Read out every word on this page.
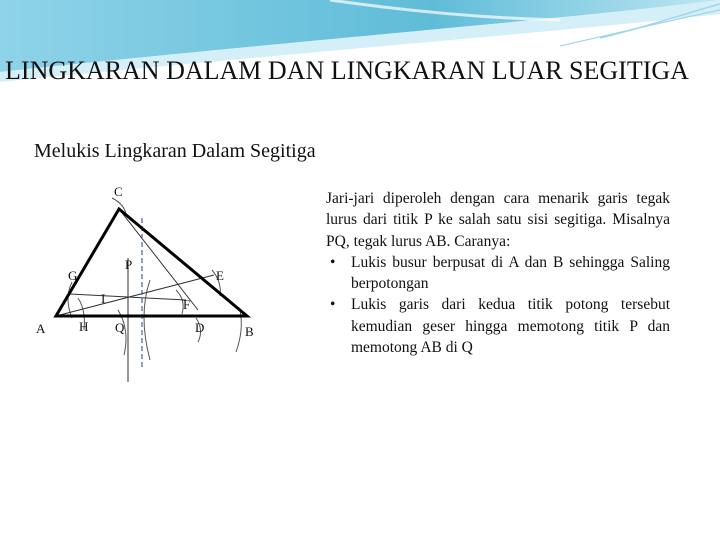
LINGKARAN DALAM DAN LINGKARAN LUAR SEGITIGA
Melukis Lingkaran Dalam Segitiga
C
G
P
E
I	F
A	H Q	D	B

Jari-jari diperoleh dengan cara menarik garis tegak lurus dari titik P ke salah satu sisi segitiga. Misalnya PQ, tegak lurus AB. Caranya:

• Lukis busur berpusat di A dan B sehingga Saling berpotongan
• Lukis garis dari kedua titik potong tersebut kemudian geser hingga memotong titik P dan memotong AB di Q
